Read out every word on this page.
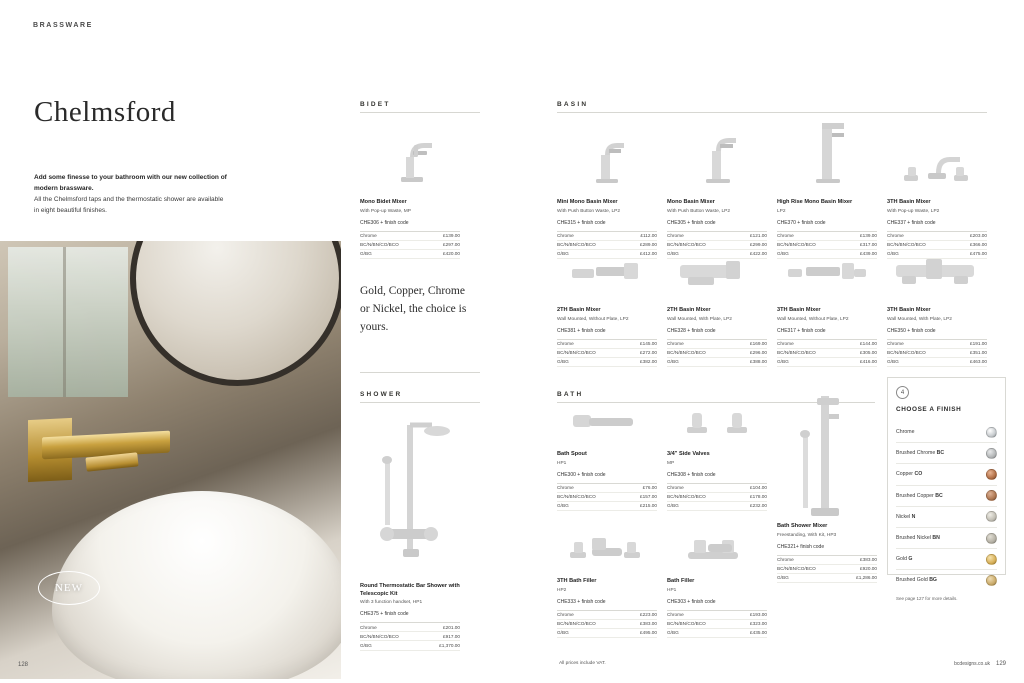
BRASSWARE
Chelmsford
Add some finesse to your bathroom with our new collection of modern brassware.
All the Chelmsford taps and the thermostatic shower are available in eight beautiful finishes.
NEW
128
BIDET	BASIN
SHOWER	BATH
Gold, Copper, Chrome or Nickel, the choice is yours.
Mono Bidet Mixer
With Pop-up Waste, MP
CHE306 + finish code
Chrome	£139.00
BC/N/BN/CO/BCO	£297.00
G/BG	£420.00
Mini Mono Basin Mixer
With Push Button Waste, LP2
CHE315 + finish code
Chrome	£112.00
BC/N/BN/CO/BCO	£289.00
G/BG	£412.00
Mono Basin Mixer
With Push Button Waste, LP2
CHE305 + finish code
Chrome	£121.00
BC/N/BN/CO/BCO	£299.00
G/BG	£422.00
High Rise Mono Basin Mixer
LP2
CHE370 + finish code
Chrome	£139.00
BC/N/BN/CO/BCO	£317.00
G/BG	£439.00
3TH Basin Mixer
With Pop-up Waste, LP2
CHE337 + finish code
Chrome	£203.00
BC/N/BN/CO/BCO	£366.00
G/BG	£475.00
2TH Basin Mixer
Wall Mounted, Without Plate, LP2
CHE381 + finish code
Chrome	£145.00
BC/N/BN/CO/BCO	£272.00
G/BG	£382.00
2TH Basin Mixer
Wall Mounted, With Plate, LP2
CHE328 + finish code
Chrome	£169.00
BC/N/BN/CO/BCO	£296.00
G/BG	£388.00
3TH Basin Mixer
Wall Mounted, Without Plate, LP2
CHE317 + finish code
Chrome	£144.00
BC/N/BN/CO/BCO	£305.00
G/BG	£416.00
3TH Basin Mixer
Wall Mounted, With Plate, LP2
CHE350 + finish code
Chrome	£191.00
BC/N/BN/CO/BCO	£351.00
G/BG	£463.00
Round Thermostatic Bar Shower with Telescopic Kit
With 3 function handset, HP1
CHE375 + finish code
Chrome	£201.00
BC/N/BN/CO/BCO	£917.00
G/BG	£1,370.00
Bath Spout
HP1
CHE300 + finish code
Chrome	£76.00
BC/N/BN/CO/BCO	£157.00
G/BG	£215.00
3/4" Side Valves
MP
CHE308 + finish code
Chrome	£104.00
BC/N/BN/CO/BCO	£178.00
G/BG	£232.00
3TH Bath Filler
HP2
CHE333 + finish code
Chrome	£223.00
BC/N/BN/CO/BCO	£383.00
G/BG	£495.00
Bath Filler
HP1
CHE303 + finish code
Chrome	£193.00
BC/N/BN/CO/BCO	£323.00
G/BG	£435.00
Bath Shower Mixer
Freestanding, With Kit, HP3
CHE321+ finish code
Chrome	£383.00
BC/N/BN/CO/BCO	£920.00
G/BG	£1,286.00
4
CHOOSE A FINISH
Chrome
Brushed Chrome BC
Copper CO
Brushed Copper BC
Nickel N
Brushed Nickel BN
Gold G
Brushed Gold BG
See page 127 for more details.
All prices include VAT.	bcdesigns.co.uk 129
